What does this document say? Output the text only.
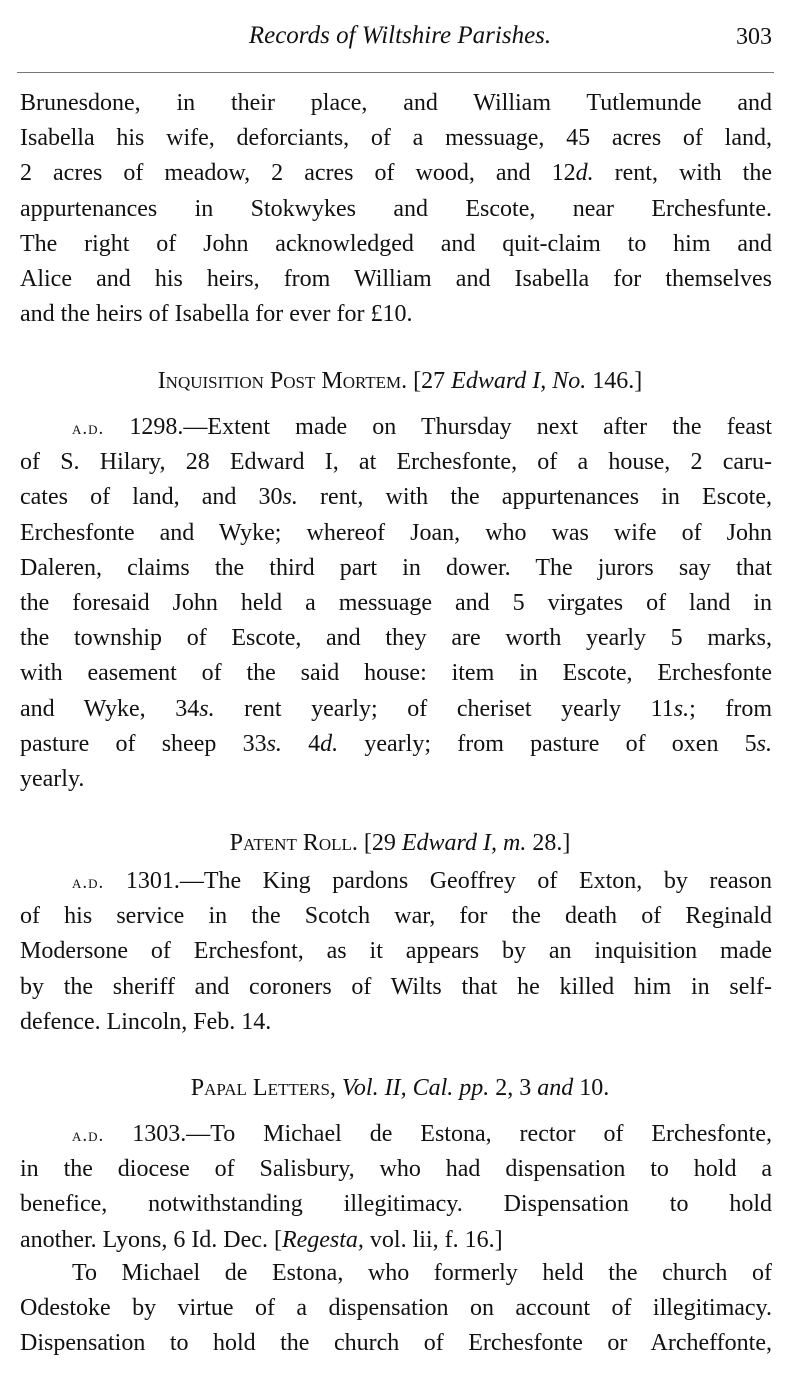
Records of Wiltshire Parishes.	303
Brunesdone, in their place, and William Tutlemunde and
Isabella his wife, deforciants, of a messuage, 45 acres of land,
2 acres of meadow, 2 acres of wood, and 12d. rent, with the
appurtenances in Stokwykes and Escote, near Erchesfunte.
The right of John acknowledged and quit-claim to him and
Alice and his heirs, from William and Isabella for themselves
and the heirs of Isabella for ever for £10.
Inquisition Post Mortem. [27 Edward I, No. 146.]
a.d. 1298.—Extent made on Thursday next after the feast
of S. Hilary, 28 Edward I, at Erchesfonte, of a house, 2 caru-
cates of land, and 30s. rent, with the appurtenances in Escote,
Erchesfonte and Wyke; whereof Joan, who was wife of John
Daleren, claims the third part in dower. The jurors say that
the foresaid John held a messuage and 5 virgates of land in
the township of Escote, and they are worth yearly 5 marks,
with easement of the said house: item in Escote, Erchesfonte
and Wyke, 34s. rent yearly; of cheriset yearly 11s.; from
pasture of sheep 33s. 4d. yearly; from pasture of oxen 5s.
yearly.
Patent Roll. [29 Edward I, m. 28.]
a.d. 1301.—The King pardons Geoffrey of Exton, by reason
of his service in the Scotch war, for the death of Reginald
Modersone of Erchesfont, as it appears by an inquisition made
by the sheriff and coroners of Wilts that he killed him in self-
defence. Lincoln, Feb. 14.
Papal Letters, Vol. II, Cal. pp. 2, 3 and 10.
a.d. 1303.—To Michael de Estona, rector of Erchesfonte,
in the diocese of Salisbury, who had dispensation to hold a
benefice, notwithstanding illegitimacy. Dispensation to hold
another. Lyons, 6 Id. Dec. [Regesta, vol. lii, f. 16.]
To Michael de Estona, who formerly held the church of
Odestoke by virtue of a dispensation on account of illegitimacy.
Dispensation to hold the church of Erchesfonte or Archeffonte,
